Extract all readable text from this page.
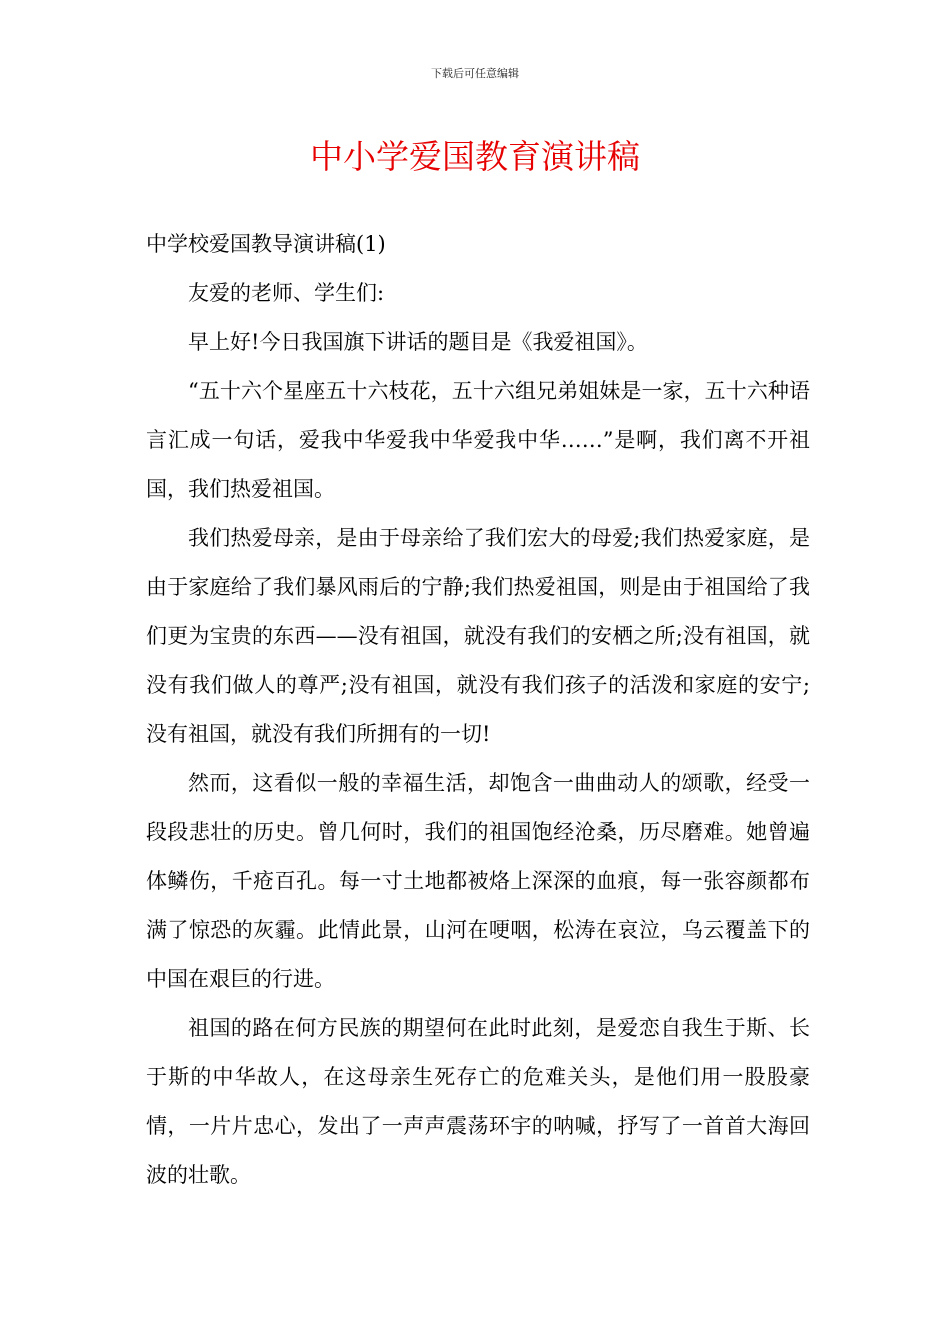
下载后可任意编辑
中小学爱国教育演讲稿

中学校爱国教导演讲稿(1)

友爱的老师、学生们:

早上好!今日我国旗下讲话的题目是《我爱祖国》。

“五十六个星座五十六枝花，五十六组兄弟姐妹是一家，五十六种语言汇成一句话，爱我中华爱我中华爱我中华……”是啊，我们离不开祖国，我们热爱祖国。

我们热爱母亲，是由于母亲给了我们宏大的母爱;我们热爱家庭，是由于家庭给了我们暴风雨后的宁静;我们热爱祖国，则是由于祖国给了我们更为宝贵的东西——没有祖国，就没有我们的安栖之所;没有祖国，就没有我们做人的尊严;没有祖国，就没有我们孩子的活泼和家庭的安宁;没有祖国，就没有我们所拥有的一切!

然而，这看似一般的幸福生活，却饱含一曲曲动人的颂歌，经受一段段悲壮的历史。曾几何时，我们的祖国饱经沧桑，历尽磨难。她曾遍体鳞伤，千疮百孔。每一寸土地都被烙上深深的血痕，每一张容颜都布满了惊恐的灰霾。此情此景，山河在哽咽，松涛在哀泣，乌云覆盖下的中国在艰巨的行进。

祖国的路在何方民族的期望何在此时此刻，是爱恋自我生于斯、长于斯的中华故人，在这母亲生死存亡的危难关头，是他们用一股股豪情，一片片忠心，发出了一声声震荡环宇的呐喊，抒写了一首首大海回波的壮歌。
